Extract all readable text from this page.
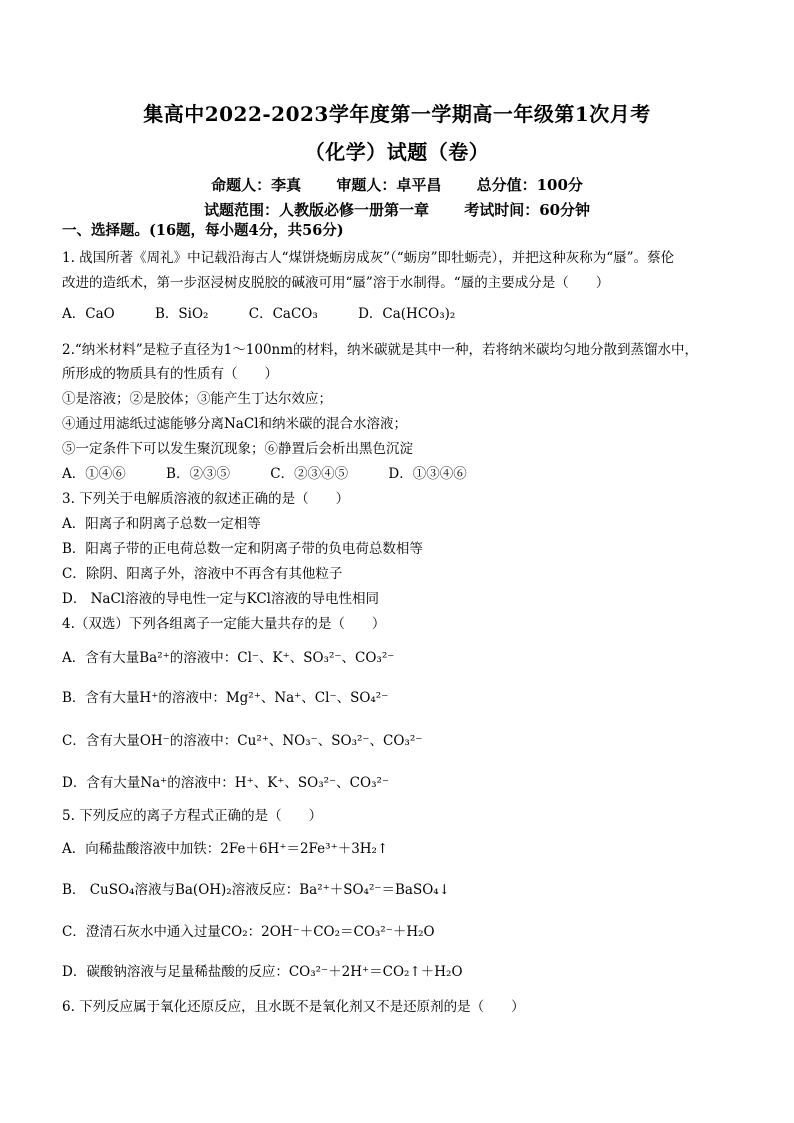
集高中2022-2023学年度第一学期高一年级第1次月考
（化学）试题（卷）
命题人：李真 审题人：卓平昌 总分值：100分
试题范围：人教版必修一册第一章 考试时间：60分钟
一、选择题。(16题，每小题4分，共56分)
1. 战国所著《周礼》中记载沿海古人“煤饼烧蛎房成灰”（“蛎房”即牡蛎壳），并把这种灰称为“蜃”。蔡伦
改进的造纸术，第一步沤浸树皮脱胶的碱液可用“蜃”溶于水制得。“蜃的主要成分是（　　）
A．CaO	B．SiO₂	C．CaCO₃	D．Ca(HCO₃)₂
2.“纳米材料”是粒子直径为1～100nm的材料，纳米碳就是其中一种，若将纳米碳均匀地分散到蒸馏水中，
所形成的物质具有的性质有（　　）
①是溶液；②是胶体；③能产生丁达尔效应；
④通过用滤纸过滤能够分离NaCl和纳米碳的混合水溶液；
⑤一定条件下可以发生聚沉现象；⑥静置后会析出黑色沉淀
A．①④⑥	B．②③⑤	C．②③④⑤	D．①③④⑥
3. 下列关于电解质溶液的叙述正确的是（　　）
A．阳离子和阴离子总数一定相等
B．阳离子带的正电荷总数一定和阴离子带的负电荷总数相等
C．除阴、阳离子外，溶液中不再含有其他粒子
D． NaCl溶液的导电性一定与KCl溶液的导电性相同
4.（双选）下列各组离子一定能大量共存的是（　　）
A．含有大量Ba²⁺的溶液中：Cl⁻、K⁺、SO₃²⁻、CO₃²⁻
B．含有大量H⁺的溶液中：Mg²⁺、Na⁺、Cl⁻、SO₄²⁻
C．含有大量OH⁻的溶液中：Cu²⁺、NO₃⁻、SO₃²⁻、CO₃²⁻
D．含有大量Na⁺的溶液中：H⁺、K⁺、SO₃²⁻、CO₃²⁻
5. 下列反应的离子方程式正确的是（　　）
A．向稀盐酸溶液中加铁：2Fe＋6H⁺＝2Fe³⁺＋3H₂↑
B． CuSO₄溶液与Ba(OH)₂溶液反应：Ba²⁺＋SO₄²⁻＝BaSO₄↓
C．澄清石灰水中通入过量CO₂：2OH⁻＋CO₂＝CO₃²⁻＋H₂O
D．碳酸钠溶液与足量稀盐酸的反应：CO₃²⁻＋2H⁺＝CO₂↑＋H₂O
6. 下列反应属于氧化还原反应，且水既不是氧化剂又不是还原剂的是（　　）
